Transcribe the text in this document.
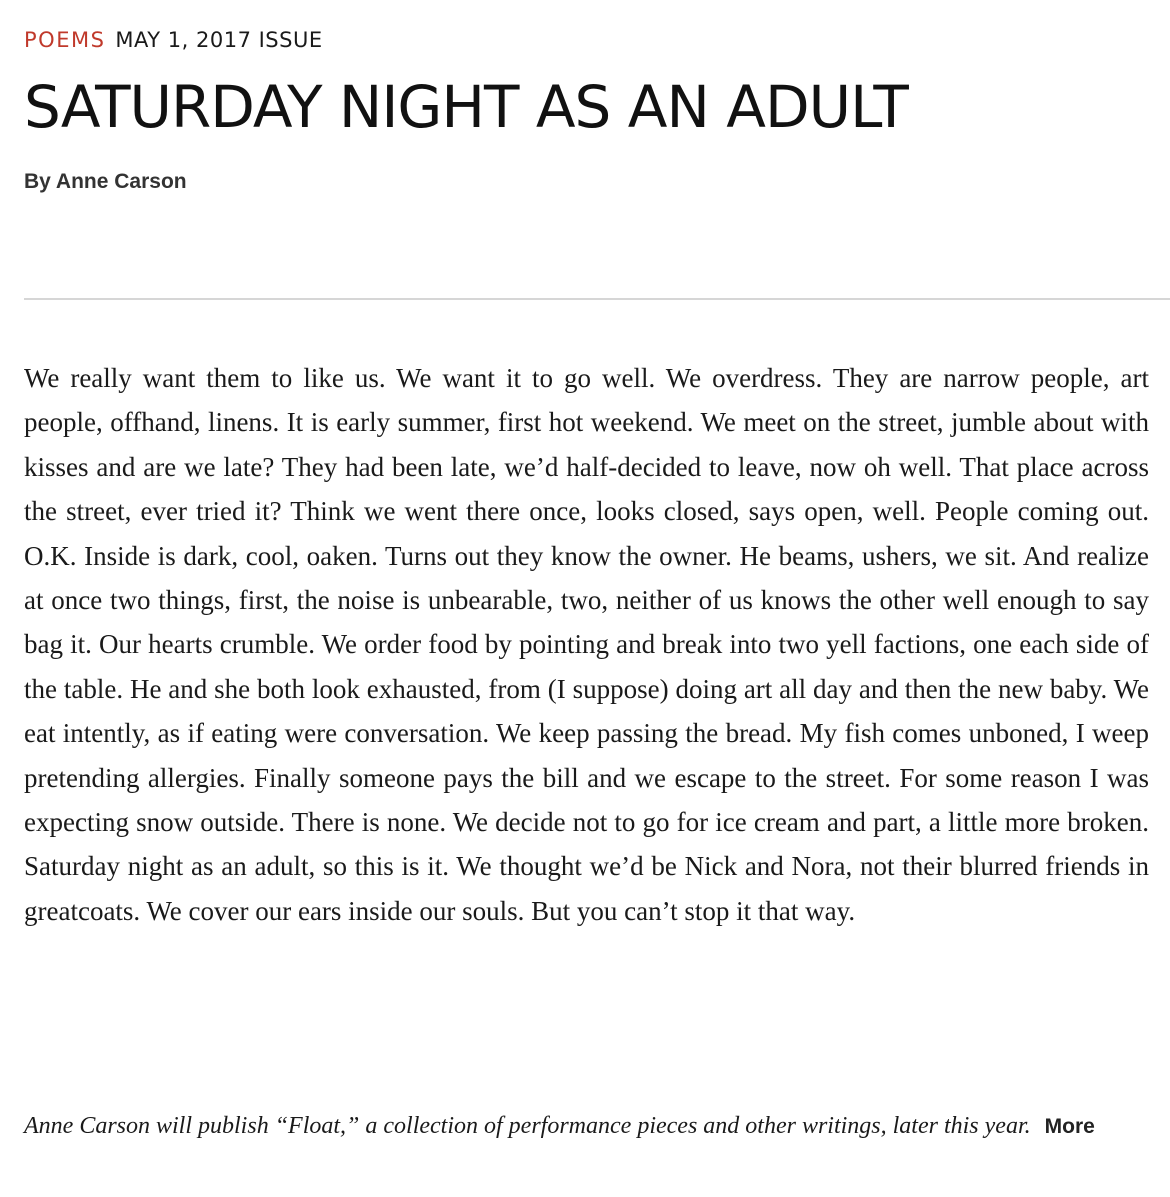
POEMS MAY 1, 2017 ISSUE
SATURDAY NIGHT AS AN ADULT
By Anne Carson

We really want them to like us. We want it to go well. We overdress. They are narrow people, art people, offhand, linens. It is early summer, first hot weekend. We meet on the street, jumble about with kisses and are we late? They had been late, we’d half-decided to leave, now oh well. That place across the street, ever tried it? Think we went there once, looks closed, says open, well. People coming out. O.K. Inside is dark, cool, oaken. Turns out they know the owner. He beams, ushers, we sit. And realize at once two things, first, the noise is unbearable, two, neither of us knows the other well enough to say bag it. Our hearts crumble. We order food by pointing and break into two yell factions, one each side of the table. He and she both look exhausted, from (I suppose) doing art all day and then the new baby. We eat intently, as if eating were conversation. We keep passing the bread. My fish comes unboned, I weep pretending allergies. Finally someone pays the bill and we escape to the street. For some reason I was expecting snow outside. There is none. We decide not to go for ice cream and part, a little more broken. Saturday night as an adult, so this is it. We thought we’d be Nick and Nora, not their blurred friends in greatcoats. We cover our ears inside our souls. But you can’t stop it that way.

Anne Carson will publish “Float,” a collection of performance pieces and other writings, later this year. More
